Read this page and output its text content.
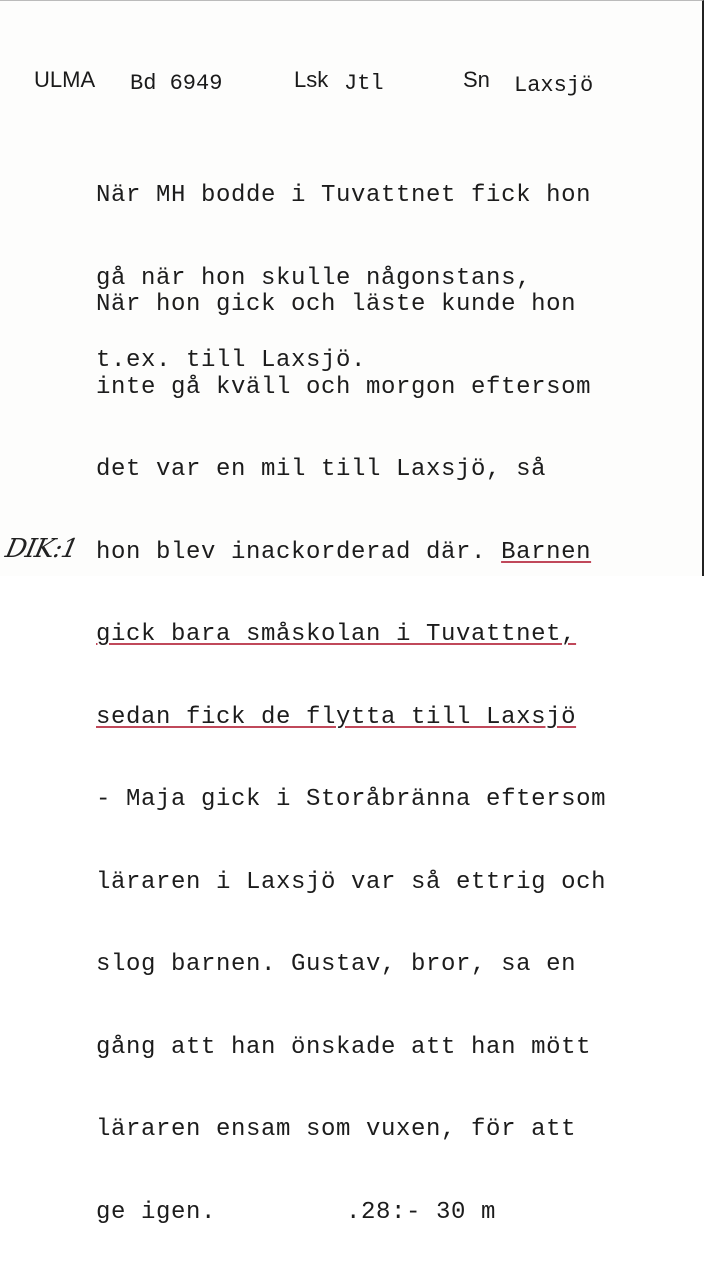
ULMA Bd 6949	Lsk Jtl	Sn Laxsjö

När MH bodde i Tuvattnet fick hon

gå när hon skulle någonstans,

t.ex. till Laxsjö.

När hon gick och läste kunde hon

inte gå kväll och morgon eftersom

det var en mil till Laxsjö, så

hon blev inackorderad där. Barnen

gick bara småskolan i Tuvattnet,

sedan fick de flytta till Laxsjö

- Maja gick i Storåbränna eftersom

läraren i Laxsjö var så ettrig och

slog barnen. Gustav, bror, sa en

gång att han önskade att han mött

läraren ensam som vuxen, för att

ge igen.	.28:- 30 m

DIK:1
